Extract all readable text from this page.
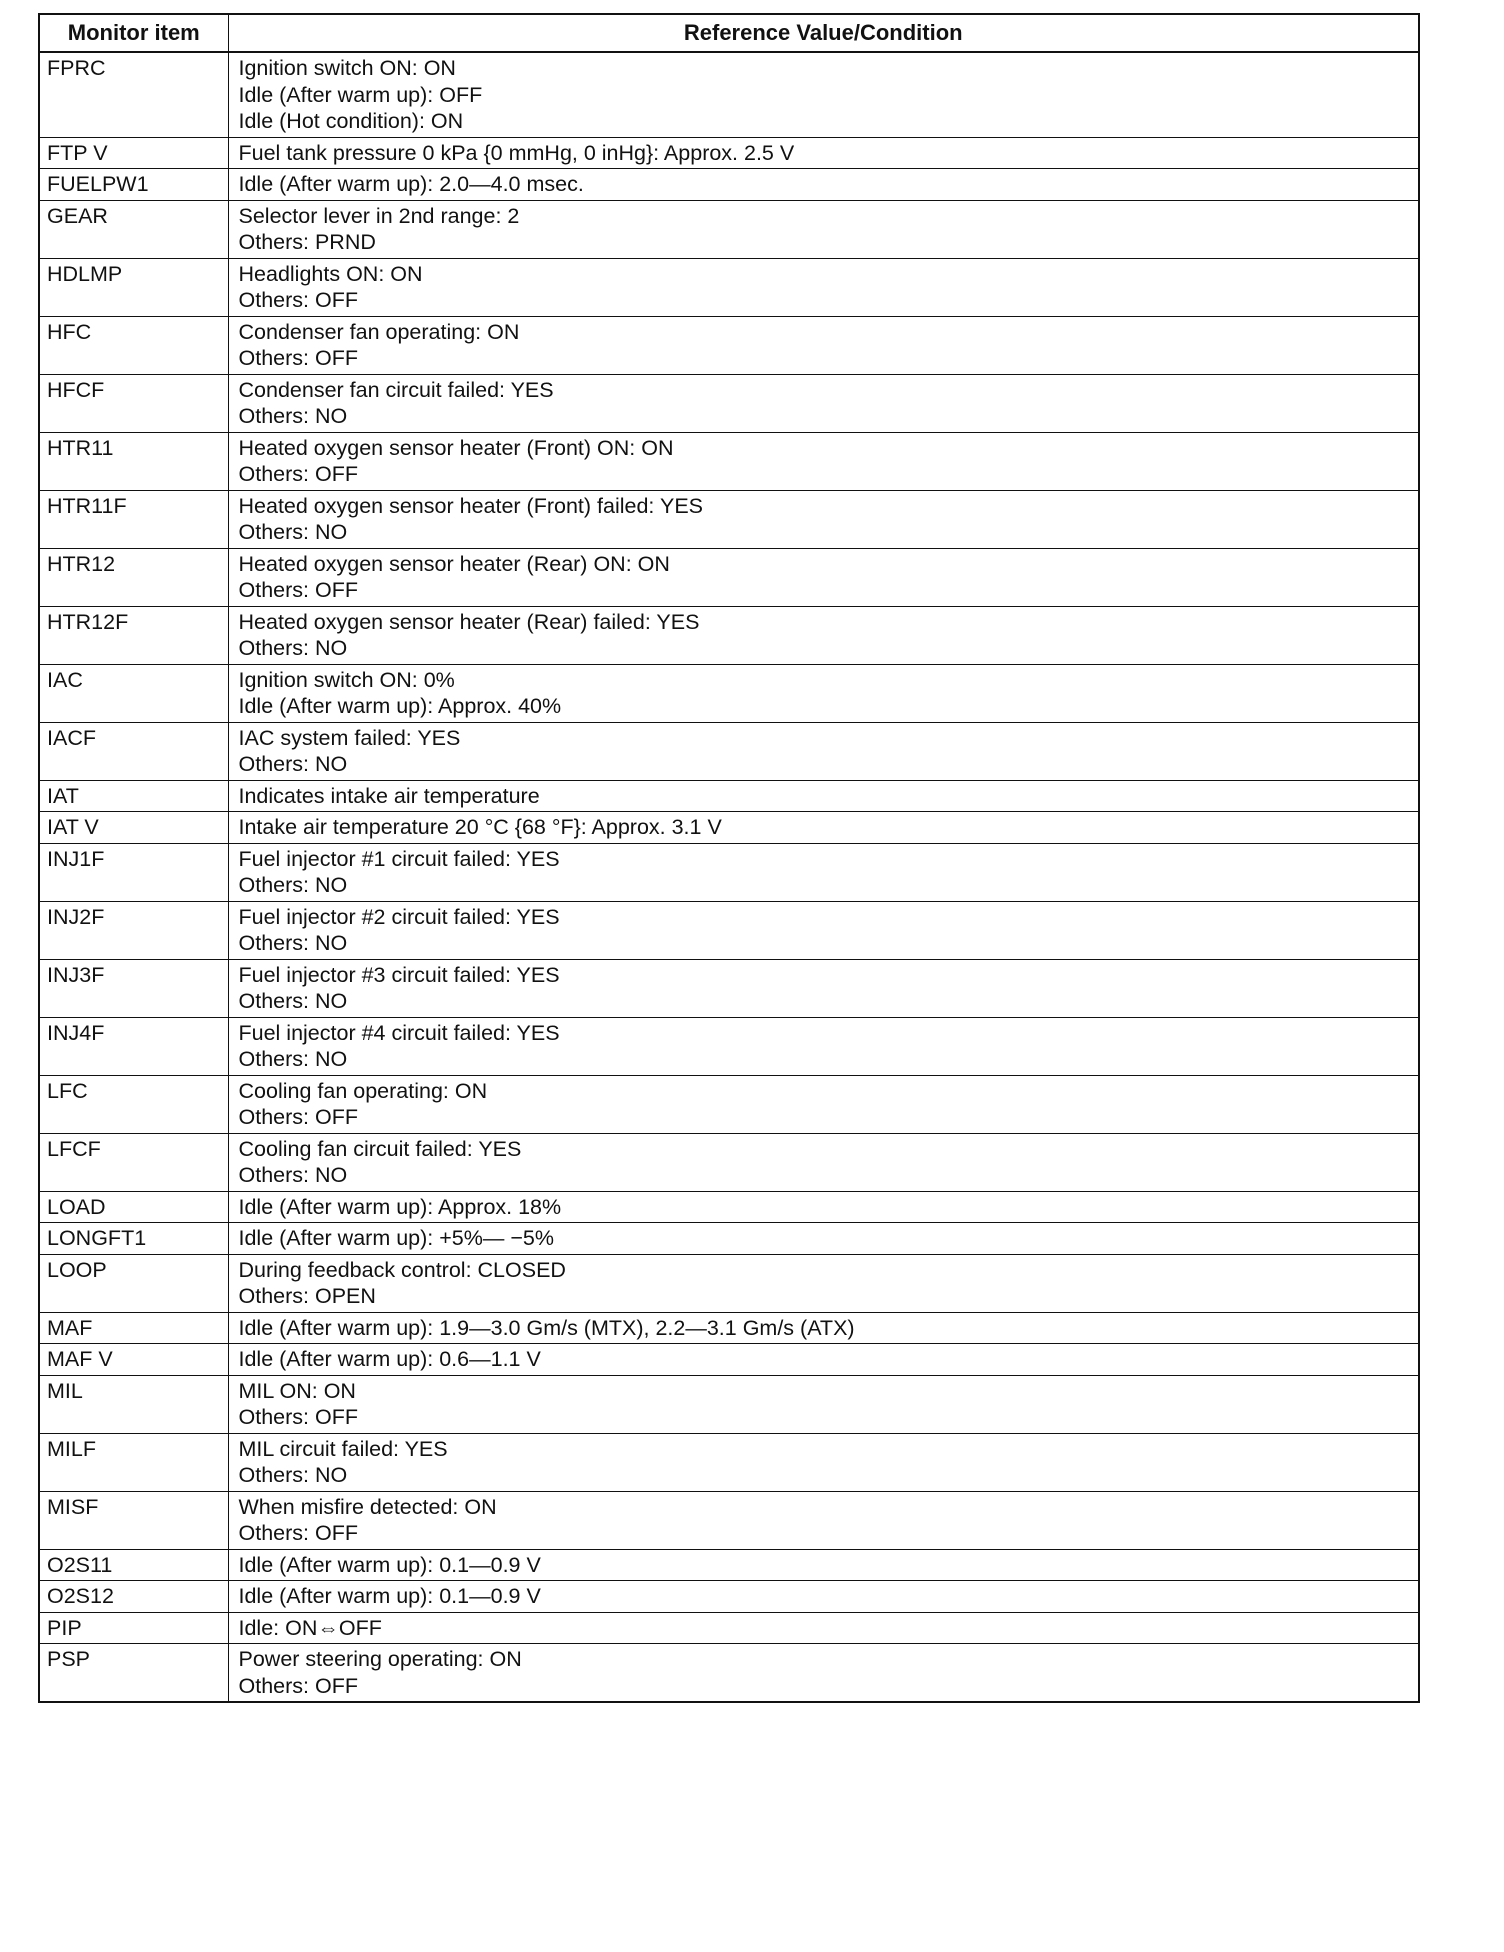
Monitor item	Reference Value/Condition
FPRC	Ignition switch ON: ON
Idle (After warm up): OFF
Idle (Hot condition): ON

FTP V	Fuel tank pressure 0 kPa {0 mmHg, 0 inHg}: Approx. 2.5 V

FUELPW1	Idle (After warm up): 2.0—4.0 msec.

GEAR	Selector lever in 2nd range: 2
Others: PRND

HDLMP	Headlights ON: ON
Others: OFF

HFC	Condenser fan operating: ON
Others: OFF

HFCF	Condenser fan circuit failed: YES
Others: NO

HTR11	Heated oxygen sensor heater (Front) ON: ON
Others: OFF

HTR11F	Heated oxygen sensor heater (Front) failed: YES
Others: NO

HTR12	Heated oxygen sensor heater (Rear) ON: ON
Others: OFF

HTR12F	Heated oxygen sensor heater (Rear) failed: YES
Others: NO

IAC	Ignition switch ON: 0%
Idle (After warm up): Approx. 40%

IACF	IAC system failed: YES
Others: NO

IAT	Indicates intake air temperature

IAT V	Intake air temperature 20 °C {68 °F}: Approx. 3.1 V

INJ1F	Fuel injector #1 circuit failed: YES
Others: NO

INJ2F	Fuel injector #2 circuit failed: YES
Others: NO

INJ3F	Fuel injector #3 circuit failed: YES
Others: NO

INJ4F	Fuel injector #4 circuit failed: YES
Others: NO

LFC	Cooling fan operating: ON
Others: OFF

LFCF	Cooling fan circuit failed: YES
Others: NO

LOAD	Idle (After warm up): Approx. 18%

LONGFT1	Idle (After warm up): +5%— −5%

LOOP	During feedback control: CLOSED
Others: OPEN

MAF	Idle (After warm up): 1.9—3.0 Gm/s (MTX), 2.2—3.1 Gm/s (ATX)

MAF V	Idle (After warm up): 0.6—1.1 V

MIL	MIL ON: ON
Others: OFF

MILF	MIL circuit failed: YES
Others: NO

MISF	When misfire detected: ON
Others: OFF

O2S11	Idle (After warm up): 0.1—0.9 V

O2S12	Idle (After warm up): 0.1—0.9 V

PIP	Idle: ON⇔OFF

PSP	Power steering operating: ON
Others: OFF
